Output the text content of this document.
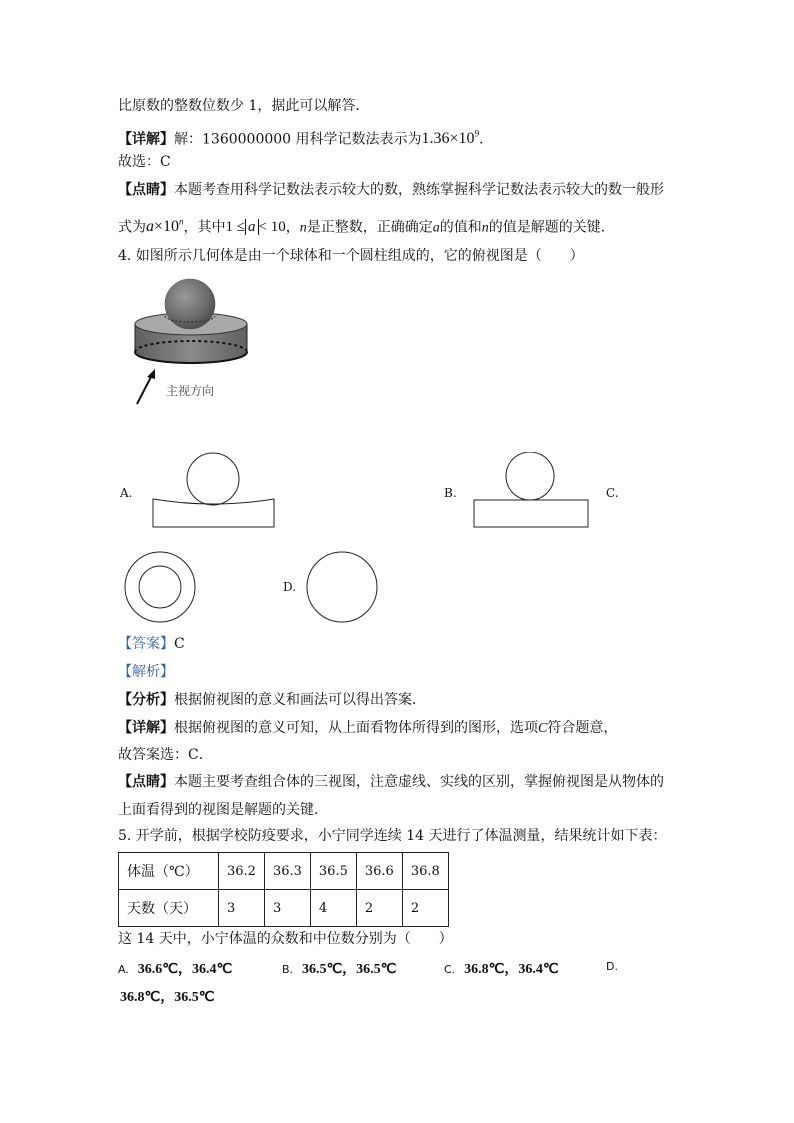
比原数的整数位数少 1，据此可以解答．
【详解】解：1360000000 用科学记数法表示为$1.36\times 10^9$．
故选：C
【点睛】本题考查用科学记数法表示较大的数，熟练掌握科学记数法表示较大的数一般形
式为$a\times 10^n$，其中1 ≤ a < 10，n是正整数，正确确定a的值和n的值是解题的关键．
4. 如图所示几何体是由一个球体和一个圆柱组成的，它的俯视图是（　　）
主视方向
A.	B.	C.
D.
【答案】C
【解析】
【分析】根据俯视图的意义和画法可以得出答案．
【详解】根据俯视图的意义可知，从上面看物体所得到的图形，选项C符合题意，
故答案选：C．
【点睛】本题主要考查组合体的三视图，注意虚线、实线的区别，掌握俯视图是从物体的
上面看得到的视图是解题的关键．
5. 开学前，根据学校防疫要求，小宁同学连续 14 天进行了体温测量，结果统计如下表：
体温（℃）	36.2	36.3	36.5	36.6	36.8
天数（天）	3	3	4	2	2
这 14 天中，小宁体温的众数和中位数分别为（　　）
A. 36.6℃，36.4℃	B. 36.5℃，36.5℃	C. 36.8℃，36.4℃	D.
36.8℃，36.5℃
